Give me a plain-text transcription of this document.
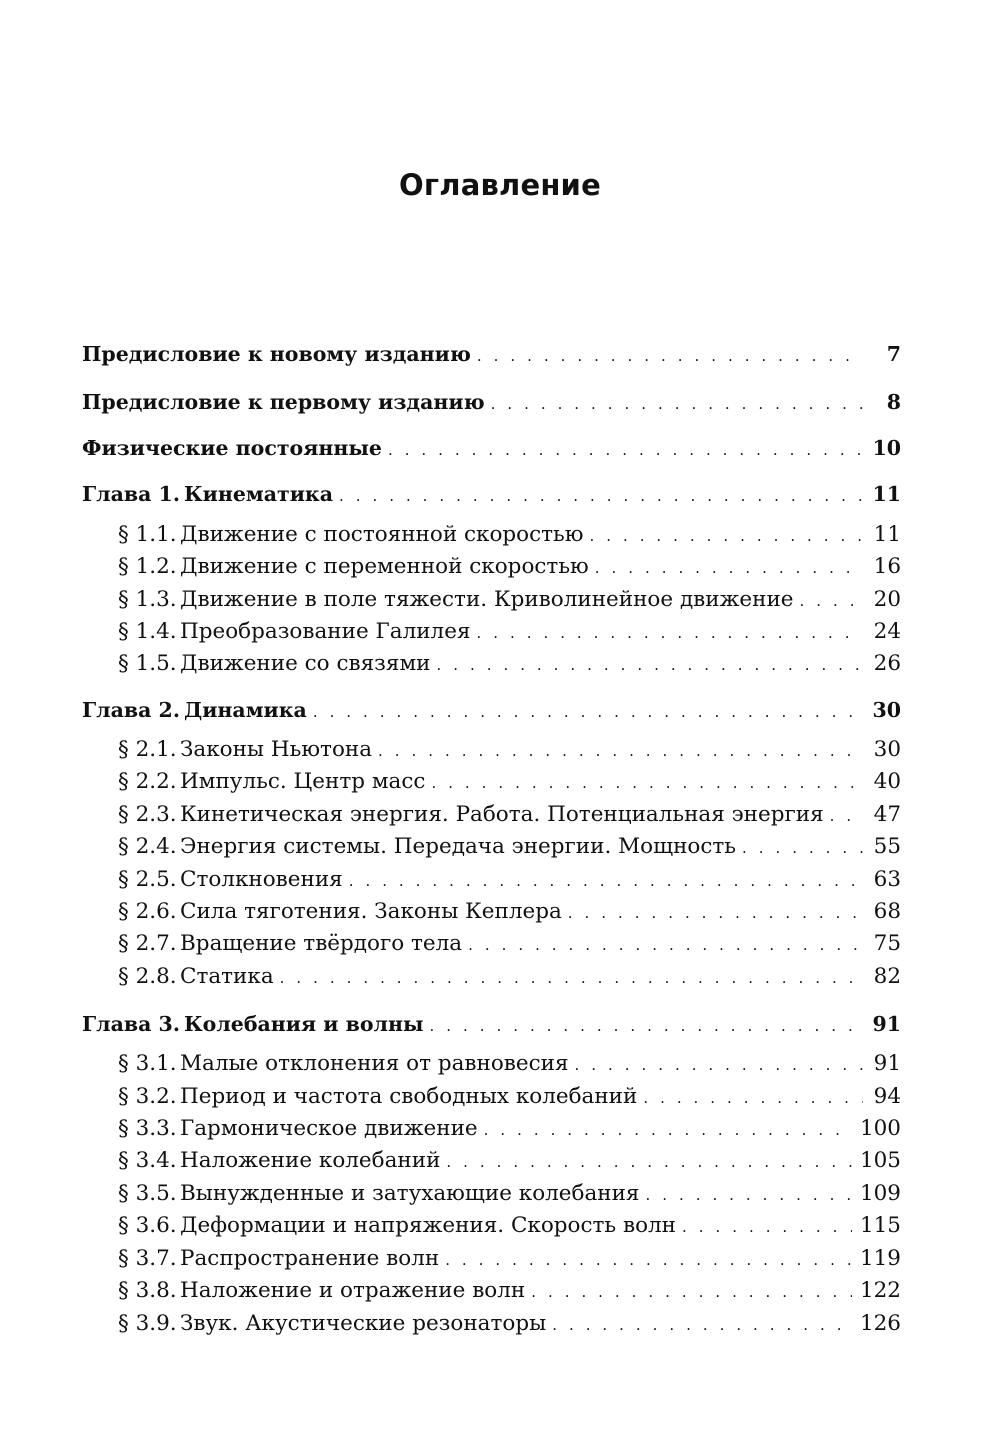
Оглавление
Предисловие к новому изданию . . .	7
Предисловие к первому изданию . . .	8
Физические постоянные . . .	10
Глава 1. Кинематика . . .	11
§ 1.1. Движение с постоянной скоростью . . .	11
§ 1.2. Движение с переменной скоростью . . .	16
§ 1.3. Движение в поле тяжести. Криволинейное движение . . .	20
§ 1.4. Преобразование Галилея . . .	24
§ 1.5. Движение со связями . . .	26
Глава 2. Динамика . . .	30
§ 2.1. Законы Ньютона . . .	30
§ 2.2. Импульс. Центр масс . . .	40
§ 2.3. Кинетическая энергия. Работа. Потенциальная энергия . . . 47
§ 2.4. Энергия системы. Передача энергии. Мощность . . .	55
§ 2.5. Столкновения . . .	63
§ 2.6. Сила тяготения. Законы Кеплера . . .	68
§ 2.7. Вращение твёрдого тела . . .	75
§ 2.8. Статика . . .	82
Глава 3. Колебания и волны . . .	91
§ 3.1. Малые отклонения от равновесия . . .	91
§ 3.2. Период и частота свободных колебаний . . .	94
§ 3.3. Гармоническое движение . . .	100
§ 3.4. Наложение колебаний . . .	105
§ 3.5. Вынужденные и затухающие колебания . . .	109
§ 3.6. Деформации и напряжения. Скорость волн . . .	115
§ 3.7. Распространение волн . . .	119
§ 3.8. Наложение и отражение волн . . .	122
§ 3.9. Звук. Акустические резонаторы . . .	126
